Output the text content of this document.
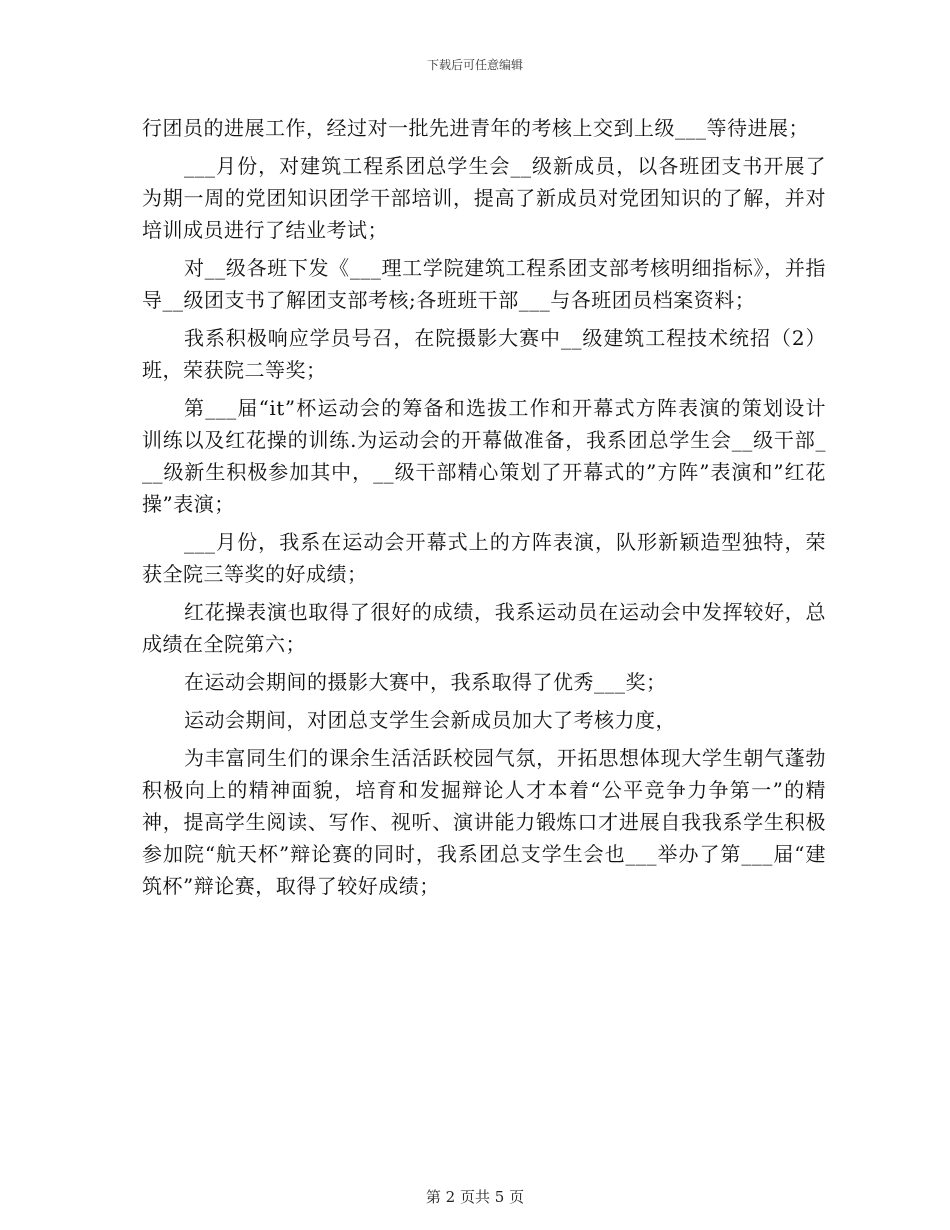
下载后可任意编辑

行团员的进展工作，经过对一批先进青年的考核上交到上级___等待进展；

___月份，对建筑工程系团总学生会__级新成员，以各班团支书开展了为期一周的党团知识团学干部培训，提高了新成员对党团知识的了解，并对培训成员进行了结业考试；

对__级各班下发《___理工学院建筑工程系团支部考核明细指标》，并指导__级团支书了解团支部考核;各班班干部___与各班团员档案资料；

我系积极响应学员号召，在院摄影大赛中__级建筑工程技术统招（2）班，荣获院二等奖；

第___届“it”杯运动会的筹备和选拔工作和开幕式方阵表演的策划设计训练以及红花操的训练.为运动会的开幕做准备，我系团总学生会__级干部___级新生积极参加其中，__级干部精心策划了开幕式的”方阵”表演和”红花操”表演；

___月份，我系在运动会开幕式上的方阵表演，队形新颖造型独特，荣获全院三等奖的好成绩；

红花操表演也取得了很好的成绩，我系运动员在运动会中发挥较好，总成绩在全院第六；

在运动会期间的摄影大赛中，我系取得了优秀___奖；

运动会期间，对团总支学生会新成员加大了考核力度，

为丰富同生们的课余生活活跃校园气氛，开拓思想体现大学生朝气蓬勃积极向上的精神面貌，培育和发掘辩论人才本着“公平竞争力争第一”的精神，提高学生阅读、写作、视听、演讲能力锻炼口才进展自我我系学生积极参加院“航天杯”辩论赛的同时，我系团总支学生会也___举办了第___届“建筑杯”辩论赛，取得了较好成绩；

第 2 页共 5 页
